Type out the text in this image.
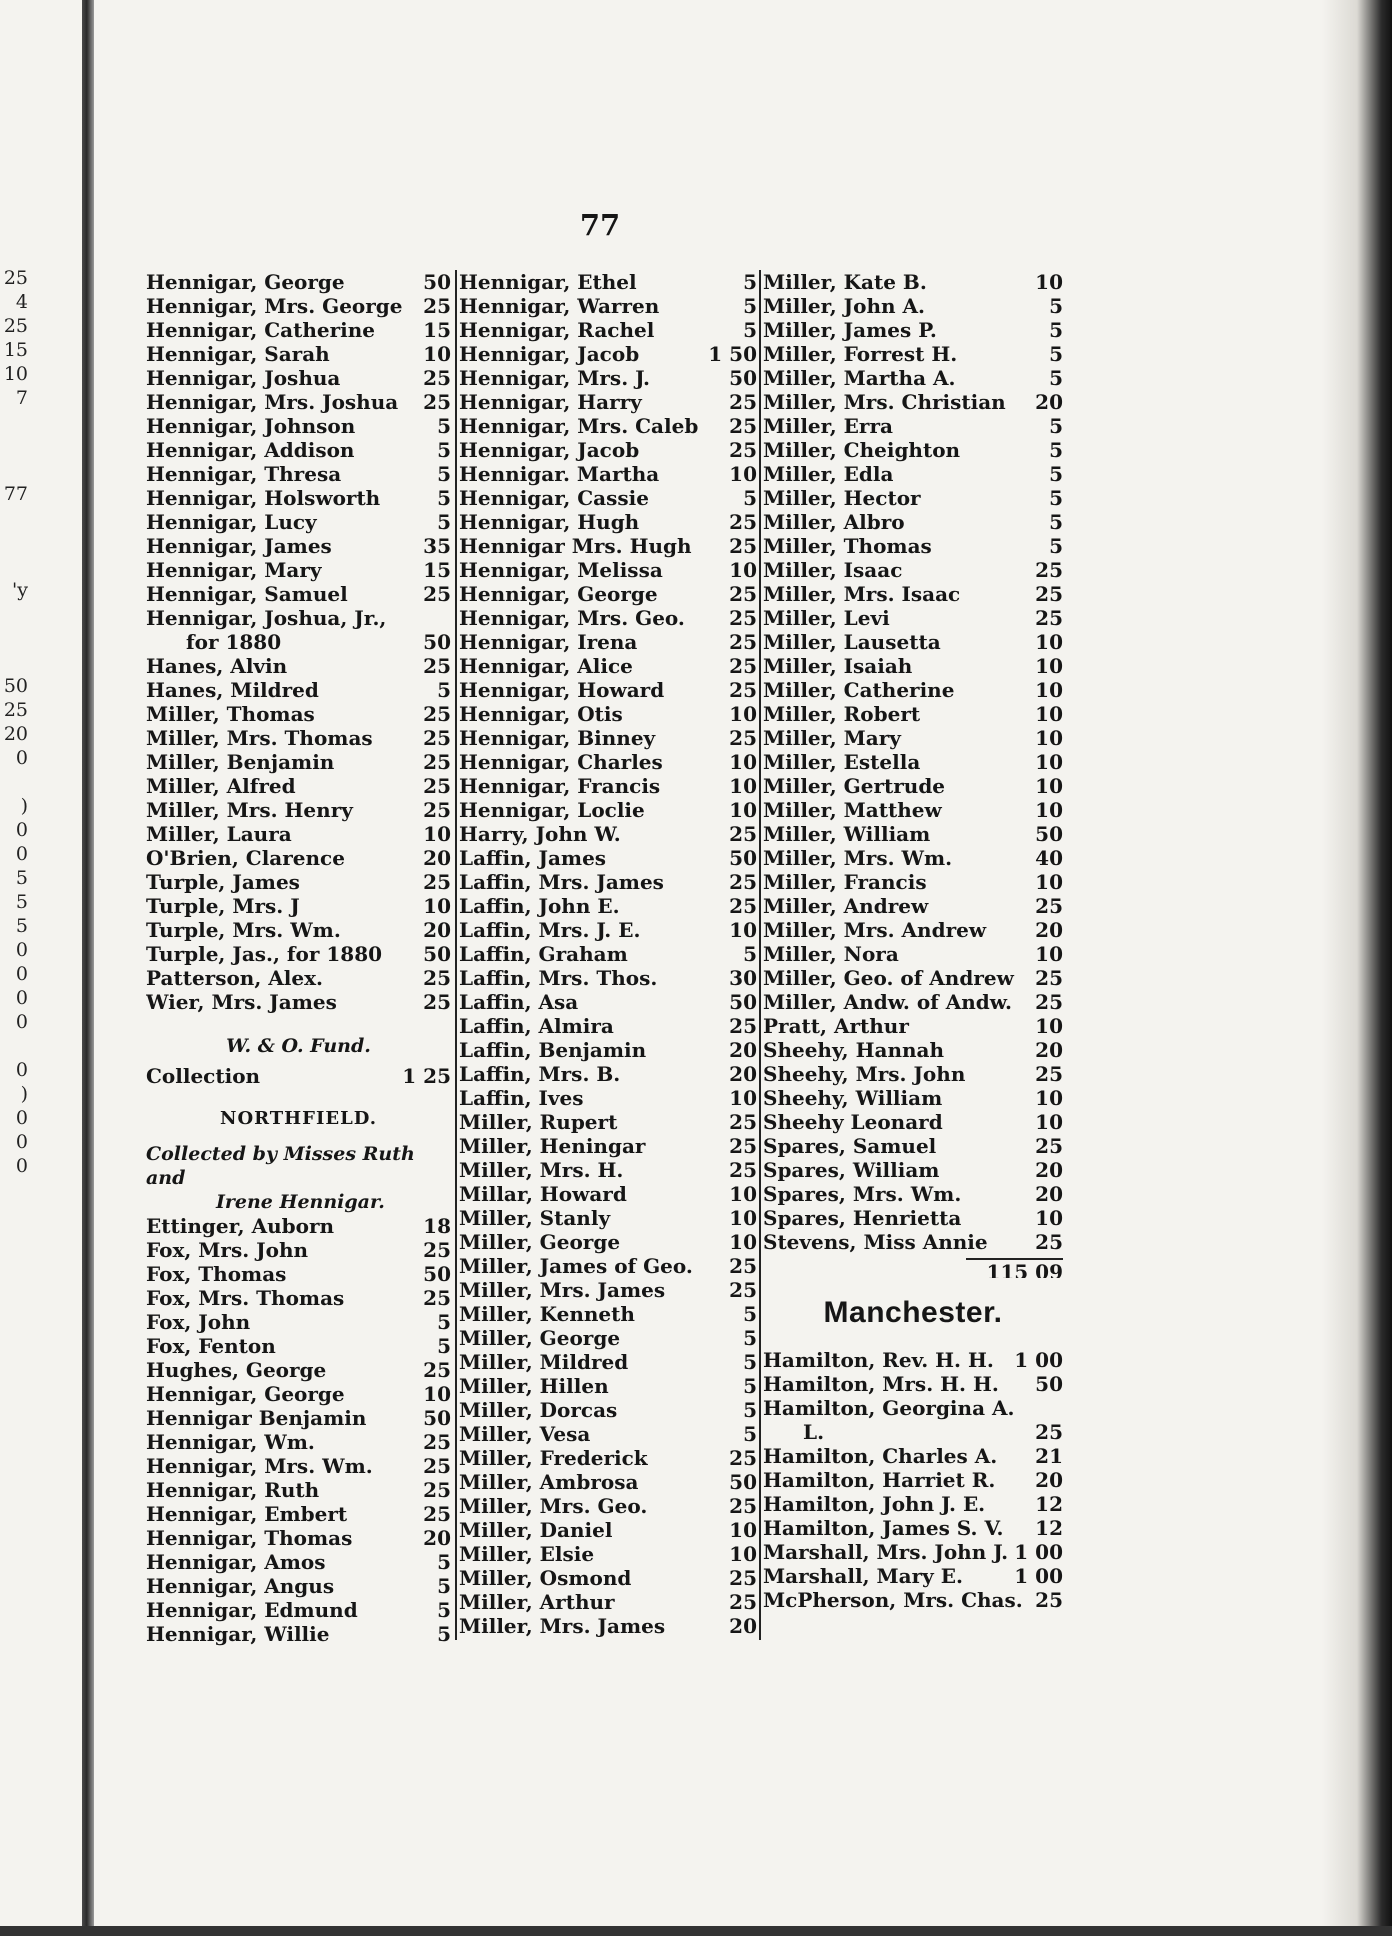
25
4
25
15
10
7
77
'y
50
25
20
0
)
0
0
5
5
5
0
0
0
0
0
)
0
0
0
77
Hennigar, George	50
Hennigar, Mrs. George	25
Hennigar, Catherine	15
Hennigar, Sarah	10
Hennigar, Joshua	25
Hennigar, Mrs. Joshua	25
Hennigar, Johnson	5
Hennigar, Addison	5
Hennigar, Thresa	5
Hennigar, Holsworth	5
Hennigar, Lucy	5
Hennigar, James	35
Hennigar, Mary	15
Hennigar, Samuel	25
Hennigar, Joshua, Jr.,
for 1880	50
Hanes, Alvin	25
Hanes, Mildred	5
Miller, Thomas	25
Miller, Mrs. Thomas	25
Miller, Benjamin	25
Miller, Alfred	25
Miller, Mrs. Henry	25
Miller, Laura	10
O'Brien, Clarence	20
Turple, James	25
Turple, Mrs. J	10
Turple, Mrs. Wm.	20
Turple, Jas., for 1880	50
Patterson, Alex.	25
Wier, Mrs. James	25
W. & O. Fund.
Collection	1 25
NORTHFIELD.
Collected by Misses Ruth and
Irene Hennigar.
Ettinger, Auborn	18
Fox, Mrs. John	25
Fox, Thomas	50
Fox, Mrs. Thomas	25
Fox, John	5
Fox, Fenton	5
Hughes, George	25
Hennigar, George	10
Hennigar Benjamin	50
Hennigar, Wm.	25
Hennigar, Mrs. Wm.	25
Hennigar, Ruth	25
Hennigar, Embert	25
Hennigar, Thomas	20
Hennigar, Amos	5
Hennigar, Angus	5
Hennigar, Edmund	5
Hennigar, Willie	5
Hennigar, Ethel	5
Hennigar, Warren	5
Hennigar, Rachel	5
Hennigar, Jacob	1 50
Hennigar, Mrs. J.	50
Hennigar, Harry	25
Hennigar, Mrs. Caleb	25
Hennigar, Jacob	25
Hennigar. Martha	10
Hennigar, Cassie	5
Hennigar, Hugh	25
Hennigar Mrs. Hugh	25
Hennigar, Melissa	10
Hennigar, George	25
Hennigar, Mrs. Geo.	25
Hennigar, Irena	25
Hennigar, Alice	25
Hennigar, Howard	25
Hennigar, Otis	10
Hennigar, Binney	25
Hennigar, Charles	10
Hennigar, Francis	10
Hennigar, Loclie	10
Harry, John W.	25
Laffin, James	50
Laffin, Mrs. James	25
Laffin, John E.	25
Laffin, Mrs. J. E.	10
Laffin, Graham	5
Laffin, Mrs. Thos.	30
Laffin, Asa	50
Laffin, Almira	25
Laffin, Benjamin	20
Laffin, Mrs. B.	20
Laffin, Ives	10
Miller, Rupert	25
Miller, Heningar	25
Miller, Mrs. H.	25
Millar, Howard	10
Miller, Stanly	10
Miller, George	10
Miller, James of Geo.	25
Miller, Mrs. James	25
Miller, Kenneth	5
Miller, George	5
Miller, Mildred	5
Miller, Hillen	5
Miller, Dorcas	5
Miller, Vesa	5
Miller, Frederick	25
Miller, Ambrosa	50
Miller, Mrs. Geo.	25
Miller, Daniel	10
Miller, Elsie	10
Miller, Osmond	25
Miller, Arthur	25
Miller, Mrs. James	20
Miller, Kate B.	10
Miller, John A.	5
Miller, James P.	5
Miller, Forrest H.	5
Miller, Martha A.	5
Miller, Mrs. Christian	20
Miller, Erra	5
Miller, Cheighton	5
Miller, Edla	5
Miller, Hector	5
Miller, Albro	5
Miller, Thomas	5
Miller, Isaac	25
Miller, Mrs. Isaac	25
Miller, Levi	25
Miller, Lausetta	10
Miller, Isaiah	10
Miller, Catherine	10
Miller, Robert	10
Miller, Mary	10
Miller, Estella	10
Miller, Gertrude	10
Miller, Matthew	10
Miller, William	50
Miller, Mrs. Wm.	40
Miller, Francis	10
Miller, Andrew	25
Miller, Mrs. Andrew	20
Miller, Nora	10
Miller, Geo. of Andrew	25
Miller, Andw. of Andw.	25
Pratt, Arthur	10
Sheehy, Hannah	20
Sheehy, Mrs. John	25
Sheehy, William	10
Sheehy Leonard	10
Spares, Samuel	25
Spares, William	20
Spares, Mrs. Wm.	20
Spares, Henrietta	10
Stevens, Miss Annie	25
115 09
Manchester.
Hamilton, Rev. H. H.	1 00
Hamilton, Mrs. H. H.	50
Hamilton, Georgina A.
L.	25
Hamilton, Charles A.	21
Hamilton, Harriet R.	20
Hamilton, John J. E.	12
Hamilton, James S. V.	12
Marshall, Mrs. John J. 1 00
Marshall, Mary E.	1 00
McPherson, Mrs. Chas. 25
